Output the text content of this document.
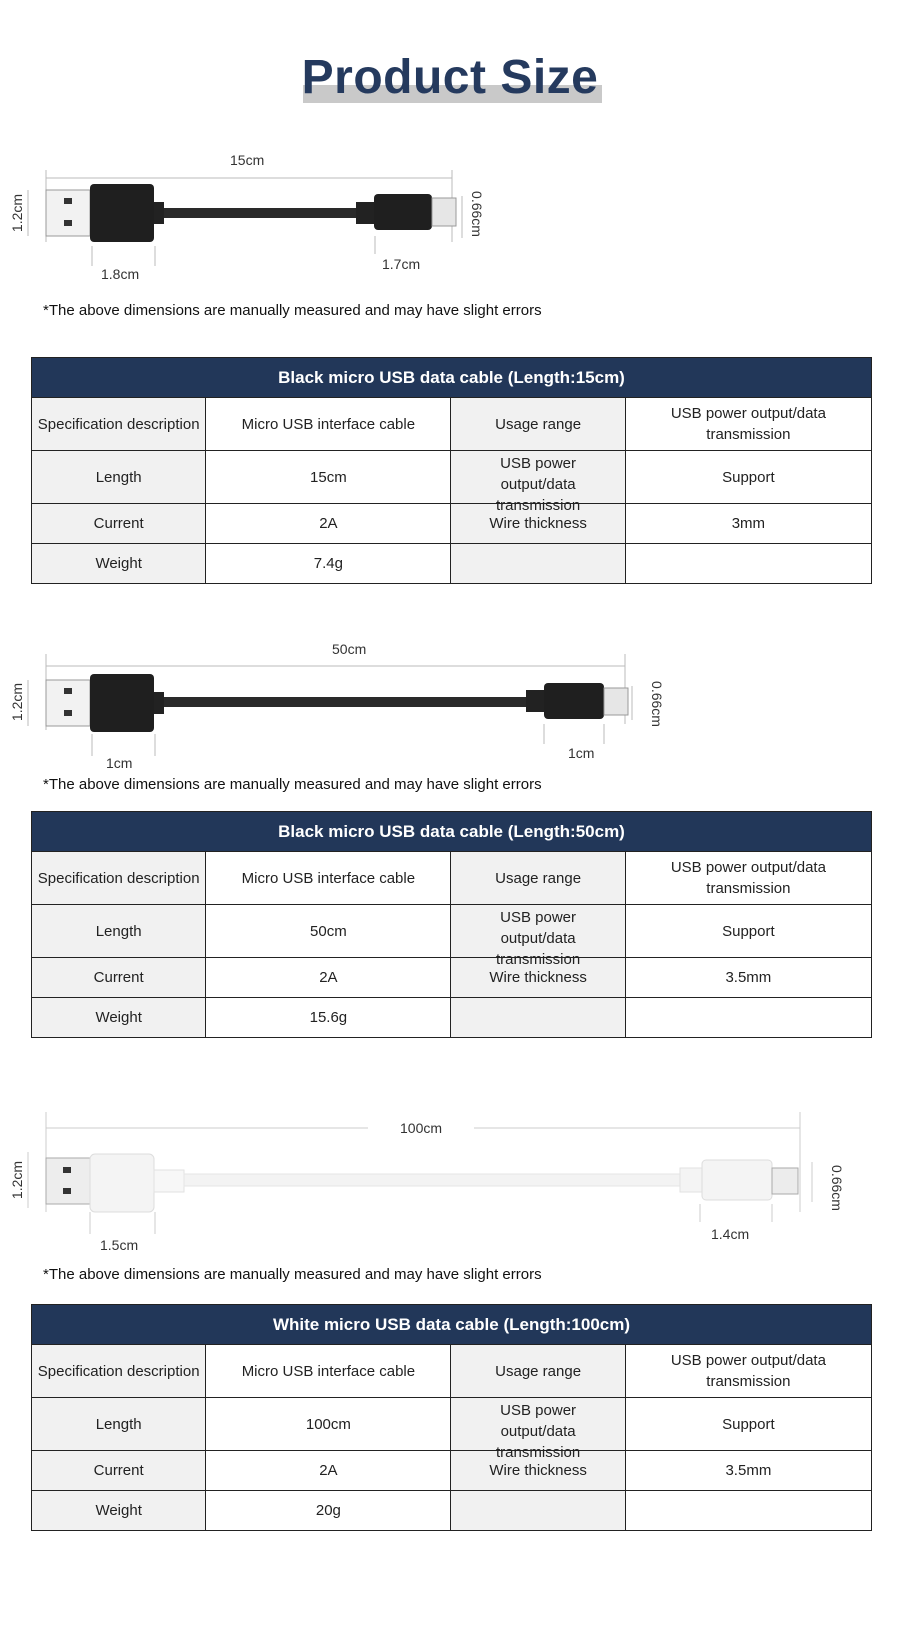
Product Size
15cm
1.2cm
1.8cm
1.7cm
0.66cm
*The above dimensions are manually measured and may have slight errors
Black micro USB data cable (Length:15cm)			
Specification description	Micro USB interface cable	Usage range	USB power output/data transmission
Length	15cm	USB power output/data transmission	Support
Current	2A	Wire thickness	3mm
Weight	7.4g		
50cm
1.2cm
1cm
1cm
0.66cm
*The above dimensions are manually measured and may have slight errors
Black micro USB data cable (Length:50cm)			
Specification description	Micro USB interface cable	Usage range	USB power output/data transmission
Length	50cm	USB power output/data transmission	Support
Current	2A	Wire thickness	3.5mm
Weight	15.6g		
100cm
1.2cm
1.5cm
1.4cm
0.66cm
*The above dimensions are manually measured and may have slight errors
White micro USB data cable (Length:100cm)			
Specification description	Micro USB interface cable	Usage range	USB power output/data transmission
Length	100cm	USB power output/data transmission	Support
Current	2A	Wire thickness	3.5mm
Weight	20g		
